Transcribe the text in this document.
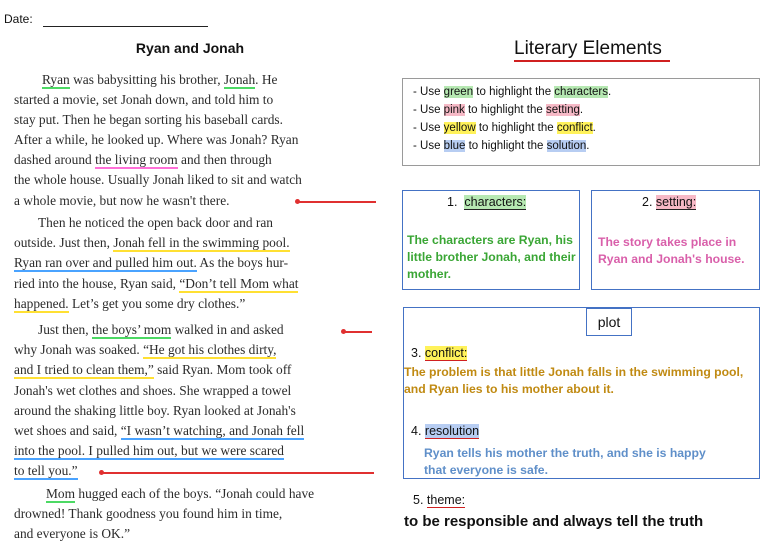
Date:
Ryan and Jonah
Ryan was babysitting his brother, Jonah. He
started a movie, set Jonah down, and told him to
stay put. Then he began sorting his baseball cards.
After a while, he looked up. Where was Jonah? Ryan
dashed around the living room and then through
the whole house. Usually Jonah liked to sit and watch
a whole movie, but now he wasn't there.
Then he noticed the open back door and ran
outside. Just then, Jonah fell in the swimming pool.
Ryan ran over and pulled him out. As the boys hur-
ried into the house, Ryan said, “Don’t tell Mom what
happened. Let’s get you some dry clothes.”
Just then, the boys’ mom walked in and asked
why Jonah was soaked. “He got his clothes dirty,
and I tried to clean them,” said Ryan. Mom took off
Jonah's wet clothes and shoes. She wrapped a towel
around the shaking little boy. Ryan looked at Jonah's
wet shoes and said, “I wasn’t watching, and Jonah fell
into the pool. I pulled him out, but we were scared
to tell you.”
Mom hugged each of the boys. “Jonah could have
drowned! Thank goodness you found him in time,
and everyone is OK.”
Literary Elements
- Use green to highlight the characters.
- Use pink to highlight the setting.
- Use yellow to highlight the conflict.
- Use blue to highlight the solution.
1. characters:
The characters are Ryan, his little brother Jonah, and their mother.
2. setting:
The story takes place in Ryan and Jonah's house.
3. conflict:
The problem is that little Jonah falls in the swimming pool, and Ryan lies to his mother about it.
4. resolution
Ryan tells his mother the truth, and she is happy that everyone is safe.
plot
5. theme:
to be responsible and always tell the truth
